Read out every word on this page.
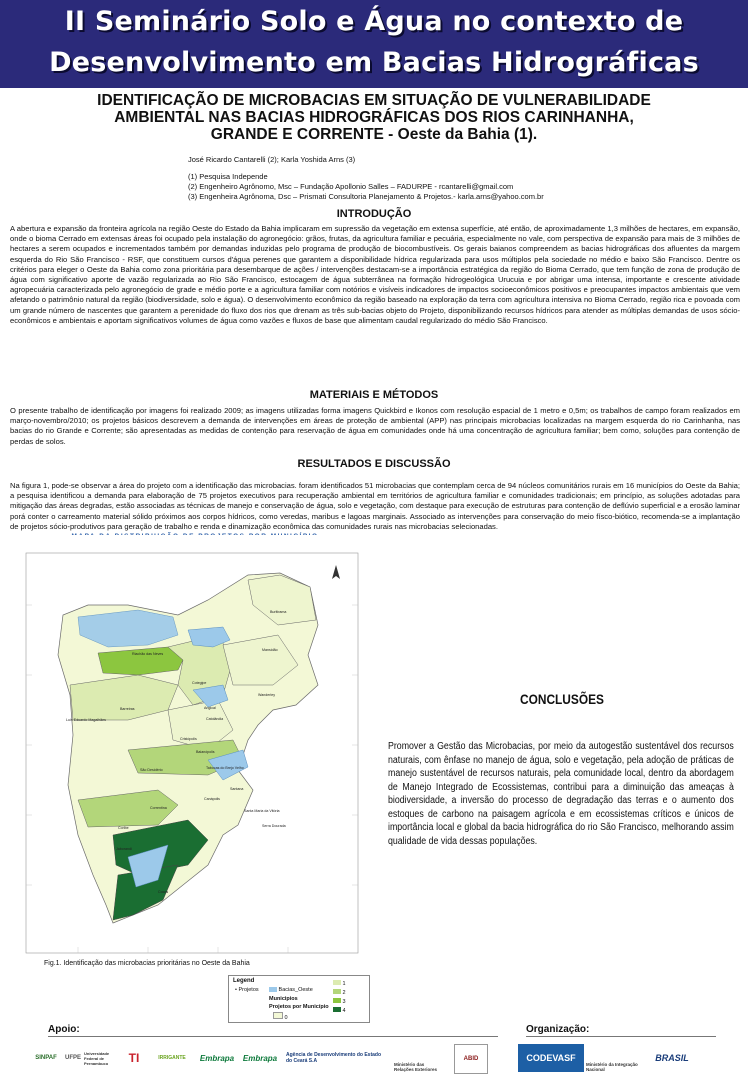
II Seminário Solo e Água no contexto de
Desenvolvimento em Bacias Hidrográficas
IDENTIFICAÇÃO DE MICROBACIAS EM SITUAÇÃO DE VULNERABILIDADE
AMBIENTAL NAS BACIAS HIDROGRÁFICAS DOS RIOS CARINHANHA,
GRANDE E CORRENTE - Oeste da Bahia (1).
José Ricardo Cantarelli (2); Karla Yoshida Arns (3)
(1) Pesquisa Independe
(2) Engenheiro Agrônomo, Msc – Fundação Apollonio Salles – FADURPE - rcantarelli@gmail.com
(3) Engenheira Agrônoma, Dsc – Prismati Consultoria Planejamento & Projetos.- karla.arns@yahoo.com.br
INTRODUÇÃO
A abertura e expansão da fronteira agrícola na região Oeste do Estado da Bahia implicaram em supressão da vegetação em extensa superfície, até então, de aproximadamente 1,3 milhões de hectares, em expansão, onde o bioma Cerrado em extensas áreas foi ocupado pela instalação do agronegócio: grãos, frutas, da agricultura familiar e pecuária, especialmente no vale, com perspectiva de expansão para mais de 3 milhões de hectares a serem ocupados e incrementados também por demandas induzidas pelo programa de produção de biocombustíveis. Os gerais baianos compreendem as bacias hidrográficas dos afluentes da margem esquerda do Rio São Francisco - RSF, que constituem cursos d'água perenes que garantem a disponibilidade hídrica regularizada para usos múltiplos pela sociedade no médio e baixo São Francisco. Dentre os critérios para eleger o Oeste da Bahia como zona prioritária para desembarque de ações / intervenções destacam-se a importância estratégica da região do Bioma Cerrado, que tem função de zona de produção de água com significativo aporte de vazão regularizada ao Rio São Francisco, estocagem de água subterrânea na formação hidrogeológica Urucuia e por abrigar uma intensa, importante e crescente atividade agropecuária caracterizada pelo agronegócio de grade e médio porte e a agricultura familiar com notórios e visíveis indicadores de impactos socioeconômicos positivos e preocupantes impactos ambientais que vem afetando o patrimônio natural da região (biodiversidade, solo e água). O desenvolvimento econômico da região baseado na exploração da terra com agricultura intensiva no Bioma Cerrado, região rica e povoada com um grande número de nascentes que garantem a perenidade do fluxo dos rios que drenam as três sub-bacias objeto do Projeto, disponibilizando recursos hídricos para atender as múltiplas demandas de usos sócio-econômicos e ambientais e aportam significativos volumes de água como vazões e fluxos de base que alimentam caudal regularizado do médio São Francisco.
MATERIAIS E MÉTODOS
O presente trabalho de identificação por imagens foi realizado 2009; as imagens utilizadas forma imagens Quickbird e Ikonos com resolução espacial de 1 metro e 0,5m; os trabalhos de campo foram realizados em março-novembro/2010; os projetos básicos descrevem a demanda de intervenções em áreas de proteção de ambiental (APP) nas principais microbacias localizadas na margem esquerda do rio Carinhanha, nas bacias do rio Grande e Corrente; são apresentadas as medidas de contenção para reservação de água em comunidades onde há uma concentração de agricultura familiar; bem como, soluções para contenção de perdas de solos.
RESULTADOS E DISCUSSÃO
Na figura 1, pode-se observar a área do projeto com a identificação das microbacias. foram identificados 51 microbacias que contemplam cerca de 94 núcleos comunitários rurais em 16 municípios do Oeste da Bahia; a pesquisa identificou a demanda para elaboração de 75 projetos executivos para recuperação ambiental em territórios de agricultura familiar e comunidades tradicionais; em princípio, as soluções adotadas para mitigação das áreas degradas, estão associadas as técnicas de manejo e conservação de água, solo e vegetação, com destaque para execução de estruturas para contenção de deflúvio superficial e a erosão laminar porá conter o carreamento material sólido próximos aos corpos hídricos, como veredas, maribus e lagoas marginais. Associado as intervenções para conservação do meio físco-biótico, recomenda-se a implantação de projetos sócio-produtivos para geração de trabalho e renda e dinamização econômica das comunidades rurais nas microbacias selecionadas.
Fig.1. Identificação das microbacias prioritárias no Oeste da Bahia
Legend
• Projetos	Bacias_Oeste
Municipios
Projetos por Município
0
1
2
3
4
Buritirama
Mansidão
Riachão das Neves
Cotegipe
Wanderley
Barreiras	Angical
Luís Eduardo Magalhães	Catolândia
Cristópolis
Baianópolis
Tabocas do Brejo Velho
São Desidério
Santana
Canápolis
Santa Maria da Vitória
Correntina
Serra Dourada
Coribe
Jaborandi
Cocos
CONCLUSÕES
Promover a Gestão das Microbacias, por meio da autogestão sustentável dos recursos naturais, com ênfase no manejo de água, solo e vegetação, pela adoção de práticas de manejo sustentável de recursos naturais, pela comunidade local, dentro da abordagem de Manejo Integrado de Ecossistemas, contribui para a diminuição das ameaças à biodiversidade, a inversão do processo de degradação das terras e o aumento dos estoques de carbono na paisagem agrícola e em ecossistemas críticos e únicos de importância local e global da bacia hidrográfica do rio São Francisco, melhorando assim qualidade de vida dessas populações.
Apoio:	Organização:
SINPAF	UFPE
Universidade Federal de Pernambuco	TI	IRRIGANTE	Embrapa	Embrapa	Agência de Desenvolvimento do Estado do Ceará S.A
Ministério das Relações Exteriores
ABID	CODEVASF
Ministério da Integração Nacional
BRASIL
